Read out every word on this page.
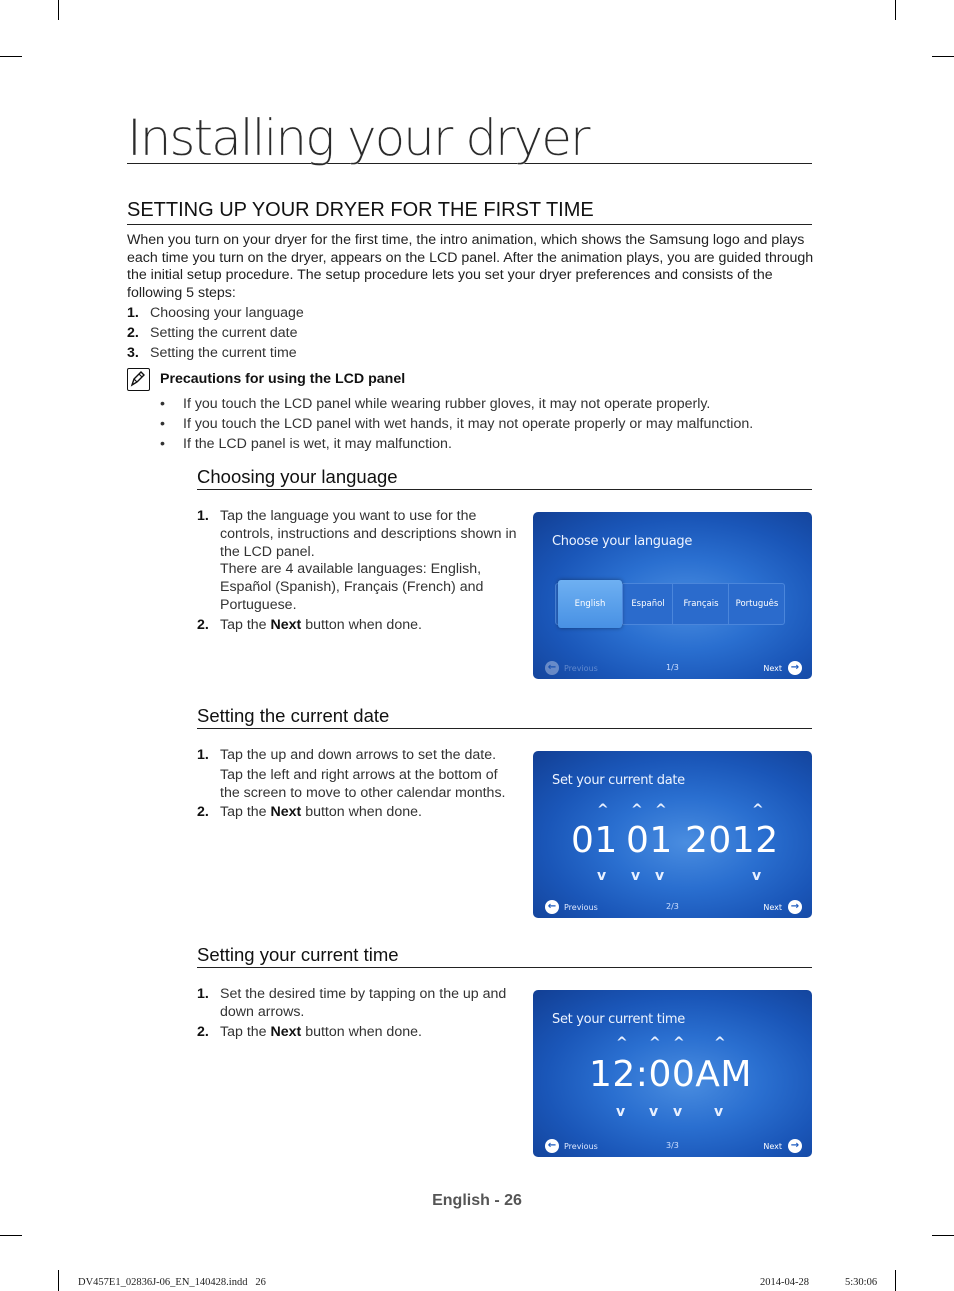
Installing your dryer
SETTING UP YOUR DRYER FOR THE FIRST TIME
When you turn on your dryer for the first time, the intro animation, which shows the Samsung logo and plays each time you turn on the dryer, appears on the LCD panel. After the animation plays, you are guided through the initial setup procedure. The setup procedure lets you set your dryer preferences and consists of the following 5 steps:
1. Choosing your language
2. Setting the current date
3. Setting the current time
Precautions for using the LCD panel
• If you touch the LCD panel while wearing rubber gloves, it may not operate properly.
• If you touch the LCD panel with wet hands, it may not operate properly or may malfunction.
• If the LCD panel is wet, it may malfunction.
Choosing your language
1. Tap the language you want to use for the controls, instructions and descriptions shown in the LCD panel.
There are 4 available languages: English, Español (Spanish), Français (French) and Portuguese.
2. Tap the Next button when done.
Choose your language
English	Español	Français	Português
← Previous	1/3	Next →
Setting the current date
1. Tap the up and down arrows to set the date.

Tap the left and right arrows at the bottom of the screen to move to other calendar months.
2. Tap the Next button when done.
Set your current date
^ ^ ^	^
01 01 2012
v v v	v
← Previous	2/3	Next →
Setting your current time
1. Set the desired time by tapping on the up and down arrows.
2. Tap the Next button when done.
Set your current time
^ ^ ^ ^
12:00AM
v v v v
← Previous	3/3	Next →
English - 26
DV457E1_02836J-06_EN_140428.indd   26	2014-04-28	5:30:06
